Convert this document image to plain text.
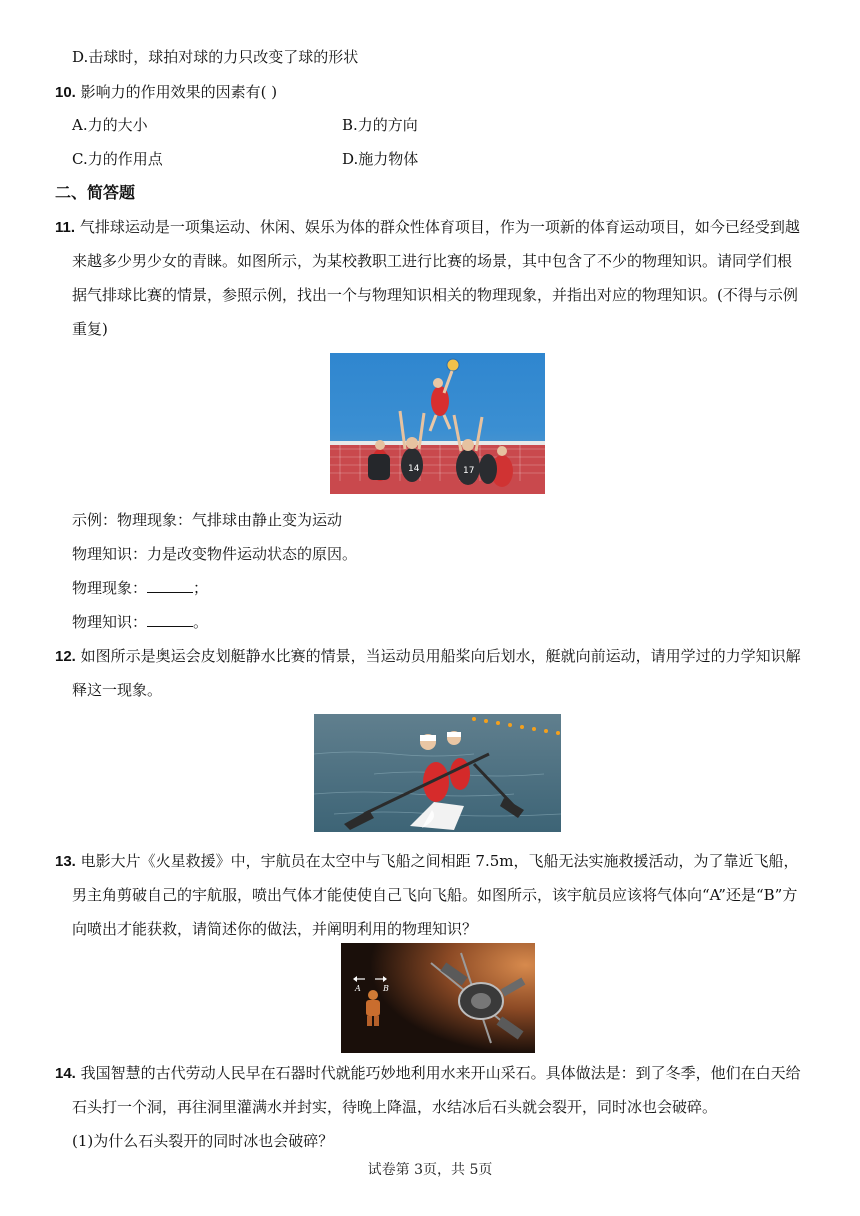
D.击球时，球拍对球的力只改变了球的形状
10. 影响力的作用效果的因素有( )
A.力的大小	B.力的方向
C.力的作用点	D.施力物体
二、简答题
11. 气排球运动是一项集运动、休闲、娱乐为体的群众性体育项目，作为一项新的体育运动项目，如今已经受到越
来越多少男少女的青睐。如图所示，为某校教职工进行比赛的场景，其中包含了不少的物理知识。请同学们根
据气排球比赛的情景，参照示例，找出一个与物理知识相关的物理现象，并指出对应的物理知识。(不得与示例
重复)
14	17
示例：物理现象：气排球由静止变为运动
物理知识：力是改变物件运动状态的原因。
物理现象：	；
物理知识：	。
12. 如图所示是奥运会皮划艇静水比赛的情景，当运动员用船桨向后划水，艇就向前运动，请用学过的力学知识解
释这一现象。
13. 电影大片《火星救援》中，宇航员在太空中与飞船之间相距 7.5m，飞船无法实施救援活动，为了靠近飞船，
男主角剪破自己的宇航服，喷出气体才能使使自己飞向飞船。如图所示，该宇航员应该将气体向“A”还是“B”方
向喷出才能获救，请简述你的做法，并阐明利用的物理知识？
A	B
14. 我国智慧的古代劳动人民早在石器时代就能巧妙地利用水来开山采石。具体做法是：到了冬季，他们在白天给
石头打一个洞，再往洞里灌满水并封实，待晚上降温，水结冰后石头就会裂开，同时冰也会破碎。
(1)为什么石头裂开的同时冰也会破碎？
试卷第 3页，共 5页
